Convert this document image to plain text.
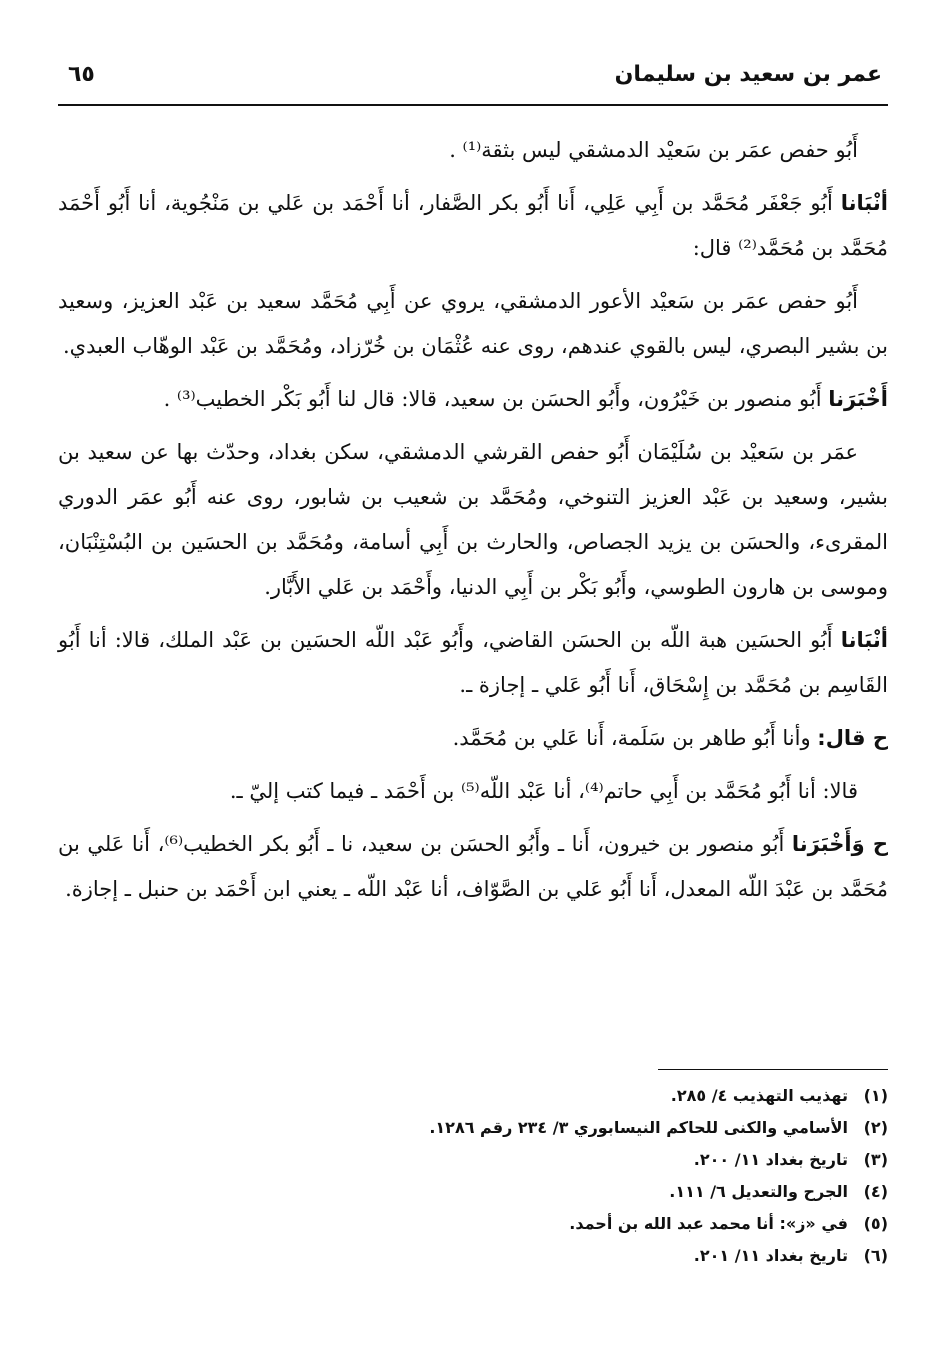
عمر بن سعيد بن سليمان
٦٥

أَبُو حفص عمَر بن سَعيْد الدمشقي ليس بثقة⁽¹⁾ .

أنْبَانا أَبُو جَعْفَر مُحَمَّد بن أَبِي عَلِي، أَنا أَبُو بكر الصَّفار، أنا أَحْمَد بن عَلي بن مَنْجُوية، أنا أَبُو أَحْمَد مُحَمَّد بن مُحَمَّد⁽²⁾ قال:

أَبُو حفص عمَر بن سَعيْد الأعور الدمشقي، يروي عن أَبِي مُحَمَّد سعيد بن عَبْد العزيز، وسعيد بن بشير البصري، ليس بالقوي عندهم، روى عنه عُثْمَان بن خُرّزاد، ومُحَمَّد بن عَبْد الوهّاب العبدي.

أَخْبَرَنا أَبُو منصور بن خَيْرُون، وأَبُو الحسَن بن سعيد، قالا: قال لنا أَبُو بَكْر الخطيب⁽³⁾ .

عمَر بن سَعيْد بن سُلَيْمَان أَبُو حفص القرشي الدمشقي، سكن بغداد، وحدّث بها عن سعيد بن بشير، وسعيد بن عَبْد العزيز التنوخي، ومُحَمَّد بن شعيب بن شابور، روى عنه أَبُو عمَر الدوري المقرىء، والحسَن بن يزيد الجصاص، والحارث بن أَبِي أسامة، ومُحَمَّد بن الحسَين بن البُسْتِنْبَان، وموسى بن هارون الطوسي، وأَبُو بَكْر بن أَبِي الدنيا، وأَحْمَد بن عَلي الأَبَّار.

أنْبَانا أَبُو الحسَين هبة اللّه بن الحسَن القاضي، وأَبُو عَبْد اللّه الحسَين بن عَبْد الملك، قالا: أنا أَبُو القَاسِم بن مُحَمَّد بن إِسْحَاق، أَنا أَبُو عَلي ـ إجازة ـ.

ح قال: وأنا أَبُو طاهر بن سَلَمة، أَنا عَلي بن مُحَمَّد.

قالا: أنا أَبُو مُحَمَّد بن أَبِي حاتم⁽⁴⁾، أنا عَبْد اللّه⁽⁵⁾ بن أَحْمَد ـ فيما كتب إليّ ـ.

ح وَأَخْبَرَنا أَبُو منصور بن خيرون، أَنا ـ وأَبُو الحسَن بن سعيد، نا ـ أَبُو بكر الخطيب⁽⁶⁾، أَنا عَلي بن مُحَمَّد بن عَبْدَ اللّه المعدل، أَنا أَبُو عَلي بن الصَّوّاف، أنا عَبْد اللّه ـ يعني ابن أَحْمَد بن حنبل ـ إجازة.

(١)
تهذيب التهذيب ٤/ ٢٨٥.
(٢)
الأسامي والكنى للحاكم النيسابوري ٣/ ٢٣٤ رقم ١٢٨٦.
(٣)
تاريخ بغداد ١١/ ٢٠٠.
(٤)
الجرح والتعديل ٦/ ١١١.
(٥)
في «ز»: أنا محمد عبد الله بن أحمد.
(٦)
تاريخ بغداد ١١/ ٢٠١.
